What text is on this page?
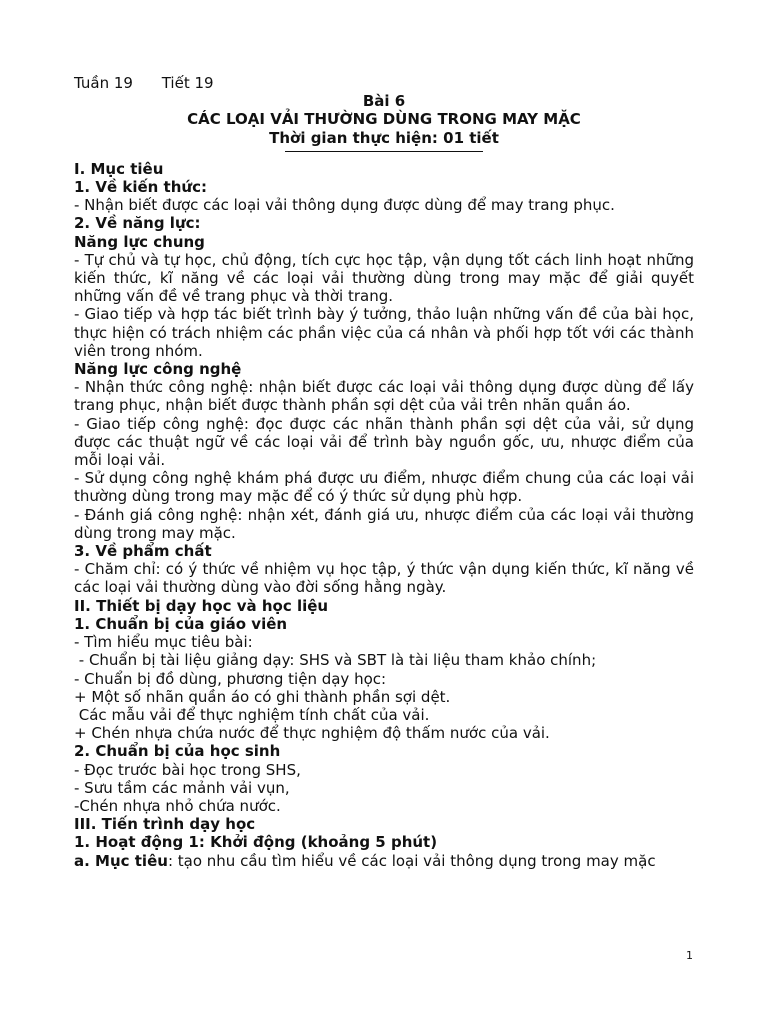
Tuần 19 Tiết 19

Bài 6

CÁC LOẠI VẢI THƯỜNG DÙNG TRONG MAY MẶC

Thời gian thực hiện: 01 tiết

I. Mục tiêu

1. Về kiến thức:

- Nhận biết được các loại vải thông dụng được dùng để may trang phục.

2. Về năng lực:

Năng lực chung

- Tự chủ và tự học, chủ động, tích cực học tập, vận dụng tốt cách linh hoạt những kiến thức, kĩ năng về các loại vải thường dùng trong may mặc để giải quyết những vấn đề về trang phục và thời trang.

- Giao tiếp và hợp tác biết trình bày ý tưởng, thảo luận những vấn đề của bài học, thực hiện có trách nhiệm các phần việc của cá nhân và phối hợp tốt với các thành viên trong nhóm.

Năng lực công nghệ

- Nhận thức công nghệ: nhận biết được các loại vải thông dụng được dùng để lấy trang phục, nhận biết được thành phần sợi dệt của vải trên nhãn quần áo.

- Giao tiếp công nghệ: đọc được các nhãn thành phần sợi dệt của vải, sử dụng được các thuật ngữ về các loại vải để trình bày nguồn gốc, ưu, nhược điểm của mỗi loại vải.

- Sử dụng công nghệ khám phá được ưu điểm, nhược điểm chung của các loại vải thường dùng trong may mặc để có ý thức sử dụng phù hợp.

- Đánh giá công nghệ: nhận xét, đánh giá ưu, nhược điểm của các loại vải thường dùng trong may mặc.

3. Về phẩm chất

- Chăm chỉ: có ý thức về nhiệm vụ học tập, ý thức vận dụng kiến thức, kĩ năng về các loại vải thường dùng vào đời sống hằng ngày.

II. Thiết bị dạy học và học liệu

1. Chuẩn bị của giáo viên

- Tìm hiểu mục tiêu bài:

- Chuẩn bị tài liệu giảng dạy: SHS và SBT là tài liệu tham khảo chính;

- Chuẩn bị đồ dùng, phương tiện dạy học:

+ Một số nhãn quần áo có ghi thành phần sợi dệt.

Các mẫu vải để thực nghiệm tính chất của vải.

+ Chén nhựa chứa nước để thực nghiệm độ thấm nước của vải.

2. Chuẩn bị của học sinh

- Đọc trước bài học trong SHS,

- Sưu tầm các mảnh vải vụn,

-Chén nhựa nhỏ chứa nước.

III. Tiến trình dạy học

1. Hoạt động 1: Khởi động (khoảng 5 phút)

a. Mục tiêu: tạo nhu cầu tìm hiểu về các loại vải thông dụng trong may mặc

1
